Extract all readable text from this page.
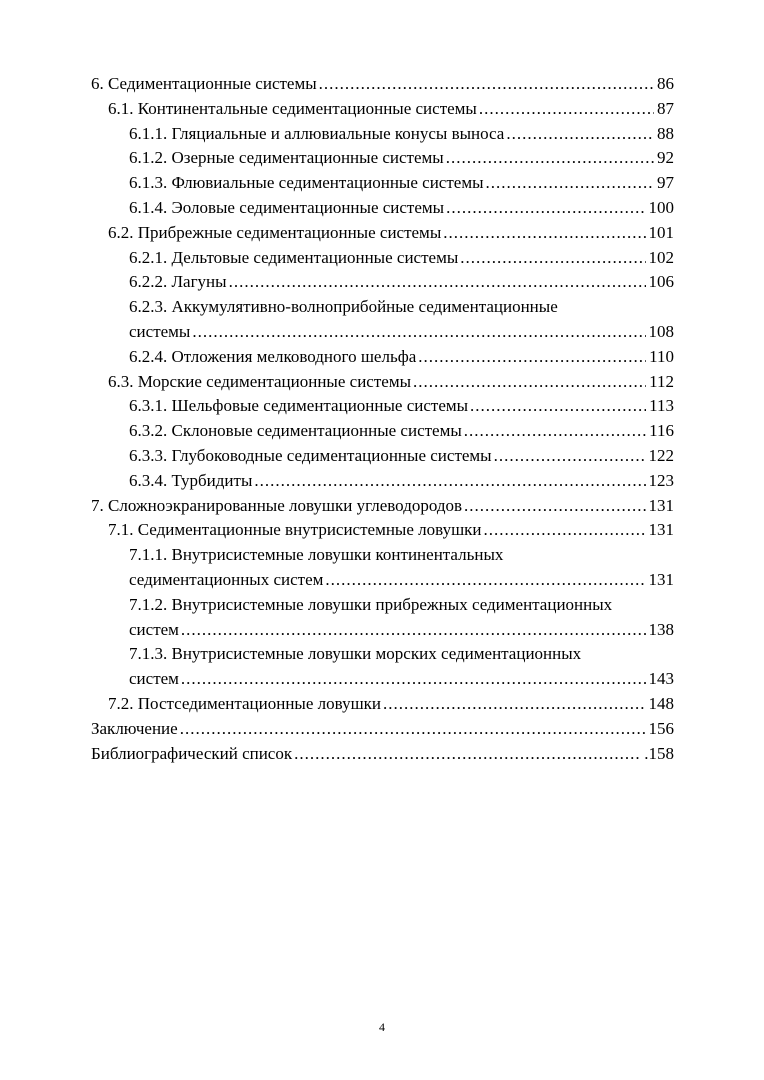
6. Седиментационные системы .....	86
6.1. Континентальные седиментационные системы .....	87
6.1.1. Гляциальные и аллювиальные конусы выноса .....	88
6.1.2. Озерные седиментационные системы .....	92
6.1.3. Флювиальные седиментационные системы .....	97
6.1.4. Эоловые седиментационные системы .....	100
6.2. Прибрежные седиментационные системы .....	101
6.2.1. Дельтовые седиментационные системы .....	102
6.2.2. Лагуны .....	106
6.2.3. Аккумулятивно-волноприбойные седиментационные
системы .....	108
6.2.4. Отложения мелководного шельфа .....	110
6.3. Морские седиментационные системы .....	112
6.3.1. Шельфовые седиментационные системы .....	113
6.3.2. Склоновые седиментационные системы .....	116
6.3.3. Глубоководные седиментационные системы .....	122
6.3.4. Турбидиты .....	123
7. Сложноэкранированные ловушки углеводородов .....	131
7.1. Седиментационные внутрисистемные ловушки .....	131
7.1.1. Внутрисистемные ловушки континентальных
седиментационных систем .....	131
7.1.2. Внутрисистемные ловушки прибрежных седиментационных
систем .....	138
7.1.3. Внутрисистемные ловушки морских седиментационных
систем .....	143
7.2. Постседиментационные ловушки .....	148
Заключение .....	156
Библиографический список .....	.158
4
